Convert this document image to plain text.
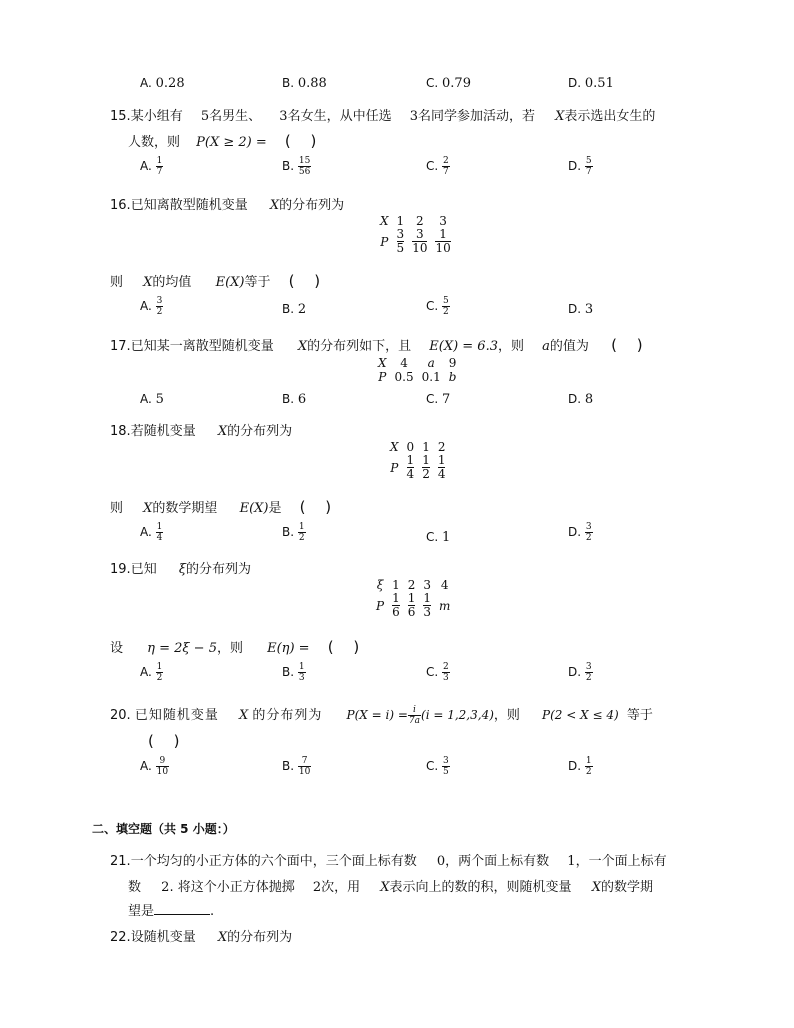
A. 0.28	B. 0.88	C. 0.79	D. 0.51
15.某小组有 5名男生、 3名女生，从中任选 3名同学参加活动，若 X表示选出女生的
人数，则 P(X ≥ 2) = (　 )
A. $\frac{1}{7}$	B. $\frac{15}{56}$	C. $\frac{2}{7}$	D. $\frac{5}{7}$
16.已知离散型随机变量 X的分布列为
X	1	2	3
P	$\frac{3}{5}$	$\frac{3}{10}$	$\frac{1}{10}$
则 X的均值 E(X)等于 (　 )
A. $\frac{3}{2}$	B. 2	C. $\frac{5}{2}$	D. 3
17.已知某一离散型随机变量 X的分布列如下，且 E(X) = 6.3，则 a的值为 (　 )
X	4	a	9
P	0.5	0.1	b
A. 5	B. 6	C. 7	D. 8
18.若随机变量 X的分布列为
X	0	1	2
P	$\frac{1}{4}$	$\frac{1}{2}$	$\frac{1}{4}$
则 X的数学期望 E(X)是 (　 )
A. $\frac{1}{4}$	B. $\frac{1}{2}$	C. 1	D. $\frac{3}{2}$
19.已知 ξ的分布列为
ξ	1	2	3	4
P	$\frac{1}{6}$	$\frac{1}{6}$	$\frac{1}{3}$	m
设 η = 2ξ − 5，则 E(η) = (　 )
A. $\frac{1}{2}$	B. $\frac{1}{3}$	C. $\frac{2}{3}$	D. $\frac{3}{2}$
20. 已知随机变量 X 的分布列为 $P(X = i) = \frac{i}{7a} (i = 1,2,3,4)$，则 P(2 < X ≤ 4) 等于
(　 )
A. $\frac{9}{10}$	B. $\frac{7}{10}$	C. $\frac{3}{5}$	D. $\frac{1}{2}$
二、填空题（共 5 小题：）
21.一个均匀的小正方体的六个面中，三个面上标有数 0，两个面上标有数 1，一个面上标有
数 2. 将这个小正方体抛掷 2次，用 X表示向上的数的积，则随机变量 X的数学期
望是	.
22.设随机变量 X的分布列为
